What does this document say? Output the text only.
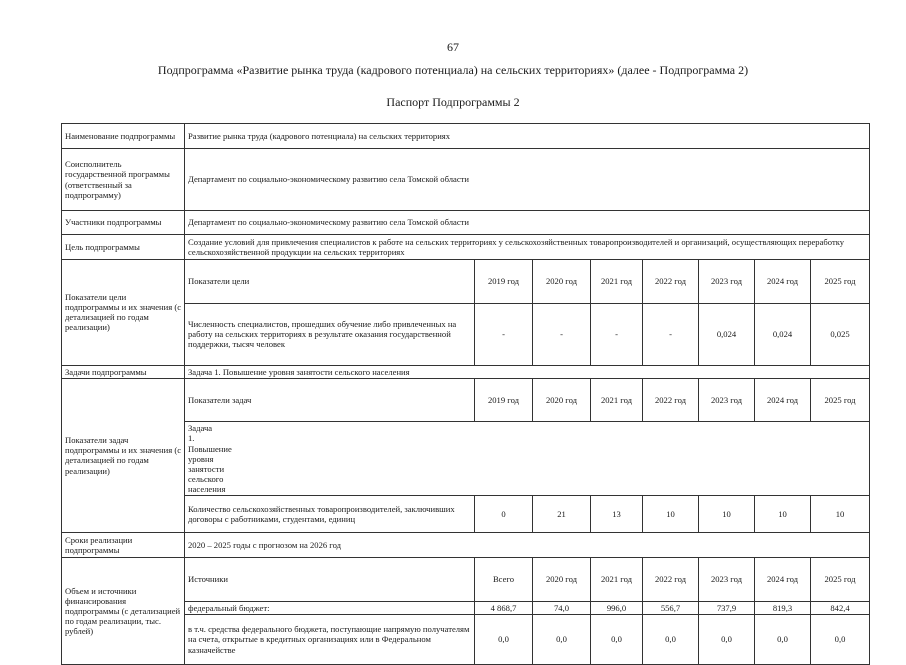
67
Подпрограмма «Развитие рынка труда (кадрового потенциала) на сельских территориях» (далее - Подпрограмма 2)
Паспорт Подпрограммы 2
Наименование подпрограммы	Развитие рынка труда (кадрового потенциала) на сельских территориях								
Соисполнитель государственной программы (ответственный за подпрограмму)	Департамент по социально-экономическому развитию села Томской области								
Участники подпрограммы	Департамент по социально-экономическому развитию села Томской области								
Цель подпрограммы	Создание условий для привлечения специалистов к работе на сельских территориях у сельскохозяйственных товаропроизводителей и организаций, осуществляющих переработку сельскохозяйственной продукции на сельских территориях								
Показатели цели подпрограммы и их значения (с детализацией по годам реализации)	Показатели цели	2019 год	2020 год	2021 год	2022 год	2023 год	2024 год	2025 год	
	Численность специалистов, прошедших обучение либо привлеченных на работу на сельских территориях в результате оказания государственной поддержки, тысяч человек	-	-	-	-	0,024	0,024	0,025	
Задачи подпрограммы	Задача 1. Повышение уровня занятости сельского населения								
Показатели задач подпрограммы и их значения (с детализацией по годам реализации)	Показатели задач	2019 год	2020 год	2021 год	2022 год	2023 год	2024 год	2025 год	
	Задача 1. Повышение уровня занятости сельского населения								
	Количество сельскохозяйственных товаропроизводителей, заключивших договоры с работниками, студентами, единиц	0	21	13	10	10	10	10	
Сроки реализации подпрограммы	2020 – 2025 годы с прогнозом на 2026 год								
Объем и источники финансирования подпрограммы (с детализацией по годам реализации, тыс. рублей)	Источники	Всего	2020 год	2021 год	2022 год	2023 год	2024 год	2025 год	
	федеральный бюджет:	4 868,7	74,0	996,0	556,7	737,9	819,3	842,4	
	в т.ч. средства федерального бюджета, поступающие напрямую получателям на счета, открытые в кредитных организациях или в Федеральном казначействе	0,0	0,0	0,0	0,0	0,0	0,0	0,0	
